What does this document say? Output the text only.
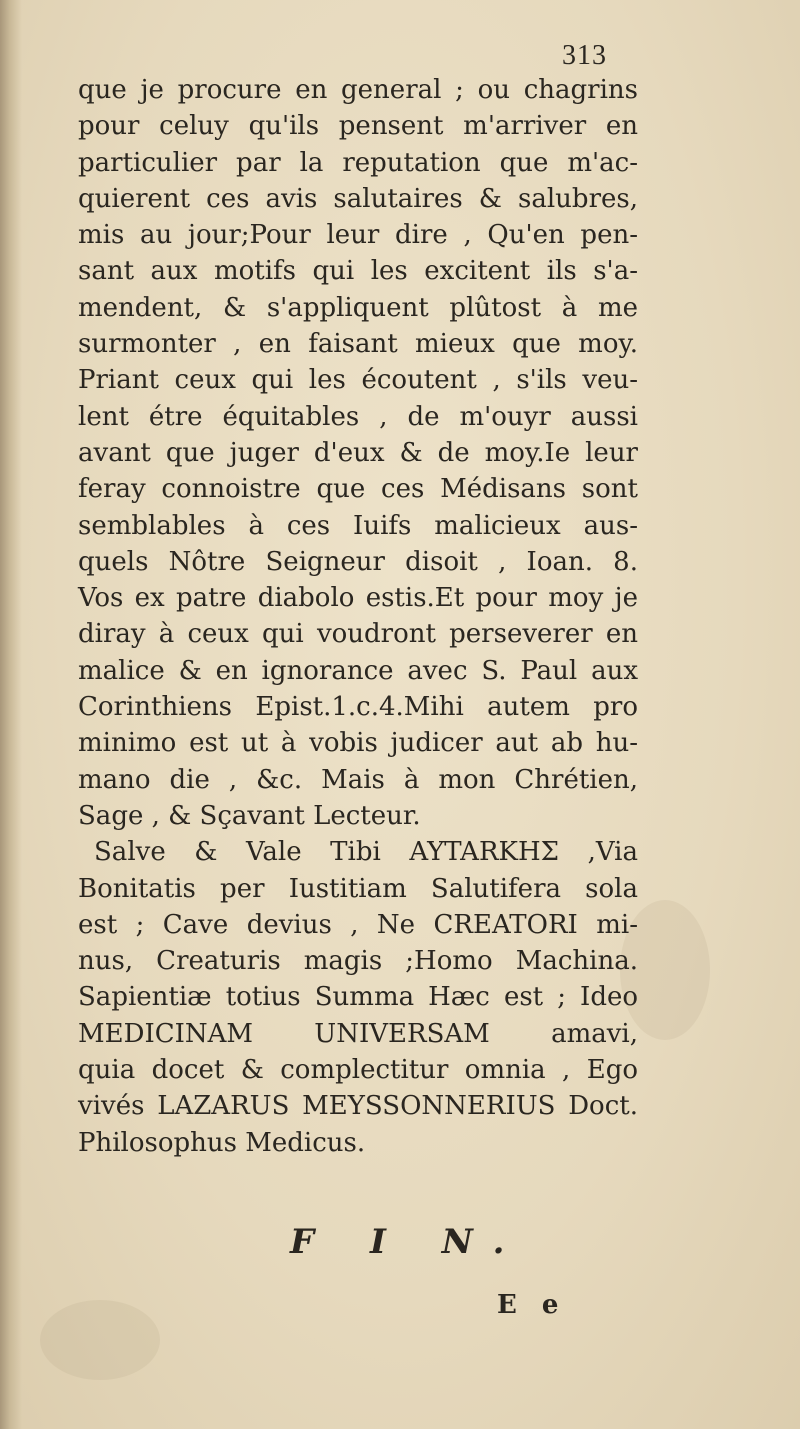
313
que je procure en general ; ou chagrins
pour celuy qu'ils pensent m'arriver en
particulier par la reputation que m'ac-
quierent ces avis salutaires & salubres,
mis au jour;Pour leur dire , Qu'en pen-
sant aux motifs qui les excitent ils s'a-
mendent, & s'appliquent plûtost à me
surmonter , en faisant mieux que moy.
Priant ceux qui les écoutent , s'ils veu-
lent étre équitables , de m'ouyr aussi
avant que juger d'eux & de moy.Ie leur
feray connoistre que ces Médisans sont
semblables à ces Iuifs malicieux aus-
quels Nôtre Seigneur disoit , Ioan. 8.
Vos ex patre diabolo estis.Et pour moy je
diray à ceux qui voudront perseverer en
malice & en ignorance avec S. Paul aux
Corinthiens Epist.1.c.4.Mihi autem pro
minimo est ut à vobis judicer aut ab hu-
mano die , &c. Mais à mon Chrétien,
Sage , & Sçavant Lecteur.
Salve & Vale Tibi AYTARKHΣ ,Via
Bonitatis per Iustitiam Salutifera sola
est ; Cave devius , Ne CREATORI mi-
nus, Creaturis magis ;Homo Machina.
Sapientiæ totius Summa Hæc est ; Ideo
MEDICINAM UNIVERSAM amavi,
quia docet & complectitur omnia , Ego
vivés LAZARUS MEYSSONNERIUS Doct.
Philosophus Medicus.
F I N.
E e
